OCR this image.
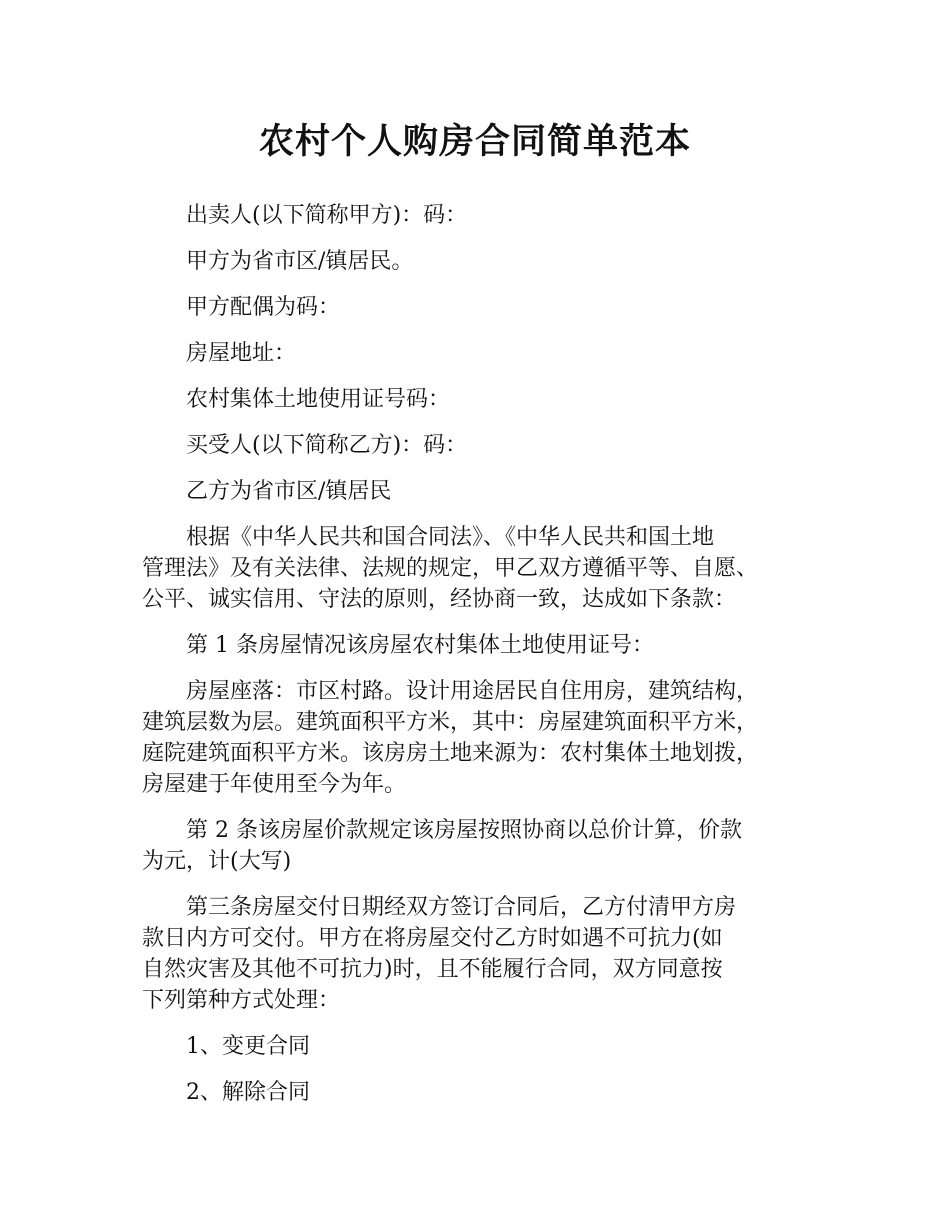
农村个人购房合同简单范本

出卖人(以下简称甲方)：码：

甲方为省市区/镇居民。

甲方配偶为码：

房屋地址：

农村集体土地使用证号码：

买受人(以下简称乙方)：码：

乙方为省市区/镇居民

根据《中华人民共和国合同法》、《中华人民共和国土地
管理法》及有关法律、法规的规定，甲乙双方遵循平等、自愿、
公平、诚实信用、守法的原则，经协商一致，达成如下条款：

第 1 条房屋情况该房屋农村集体土地使用证号：

房屋座落：市区村路。设计用途居民自住用房，建筑结构，
建筑层数为层。建筑面积平方米，其中：房屋建筑面积平方米，
庭院建筑面积平方米。该房房土地来源为：农村集体土地划拨，
房屋建于年使用至今为年。

第 2 条该房屋价款规定该房屋按照协商以总价计算，价款
为元，计(大写)

第三条房屋交付日期经双方签订合同后，乙方付清甲方房
款日内方可交付。甲方在将房屋交付乙方时如遇不可抗力(如
自然灾害及其他不可抗力)时，且不能履行合同，双方同意按
下列第种方式处理：

1、变更合同

2、解除合同
